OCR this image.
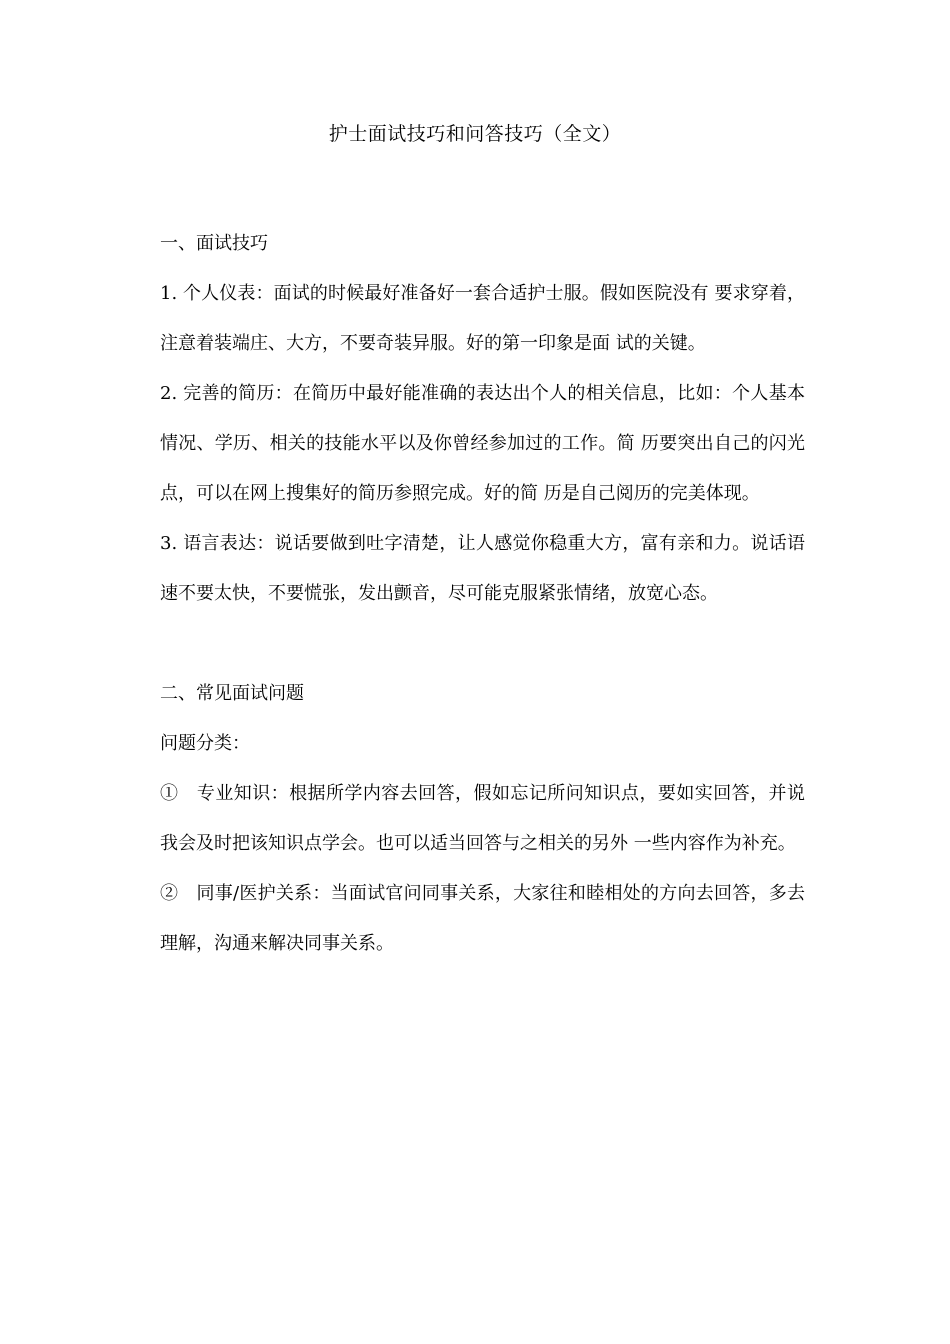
护士面试技巧和问答技巧（全文）

一、面试技巧

1. 个人仪表：面试的时候最好准备好一套合适护士服。假如医院没有 要求穿着，注意着装端庄、大方，不要奇装异服。好的第一印象是面 试的关键。

2. 完善的简历：在简历中最好能准确的表达出个人的相关信息，比如：个人基本情况、学历、相关的技能水平以及你曾经参加过的工作。简 历要突出自己的闪光点，可以在网上搜集好的简历参照完成。好的简 历是自己阅历的完美体现。

3. 语言表达：说话要做到吐字清楚，让人感觉你稳重大方，富有亲和力。说话语速不要太快，不要慌张，发出颤音，尽可能克服紧张情绪，放宽心态。

二、常见面试问题

问题分类：

①　专业知识：根据所学内容去回答，假如忘记所问知识点，要如实回答，并说我会及时把该知识点学会。也可以适当回答与之相关的另外 一些内容作为补充。

②　同事/医护关系：当面试官问同事关系，大家往和睦相处的方向去回答，多去理解，沟通来解决同事关系。
